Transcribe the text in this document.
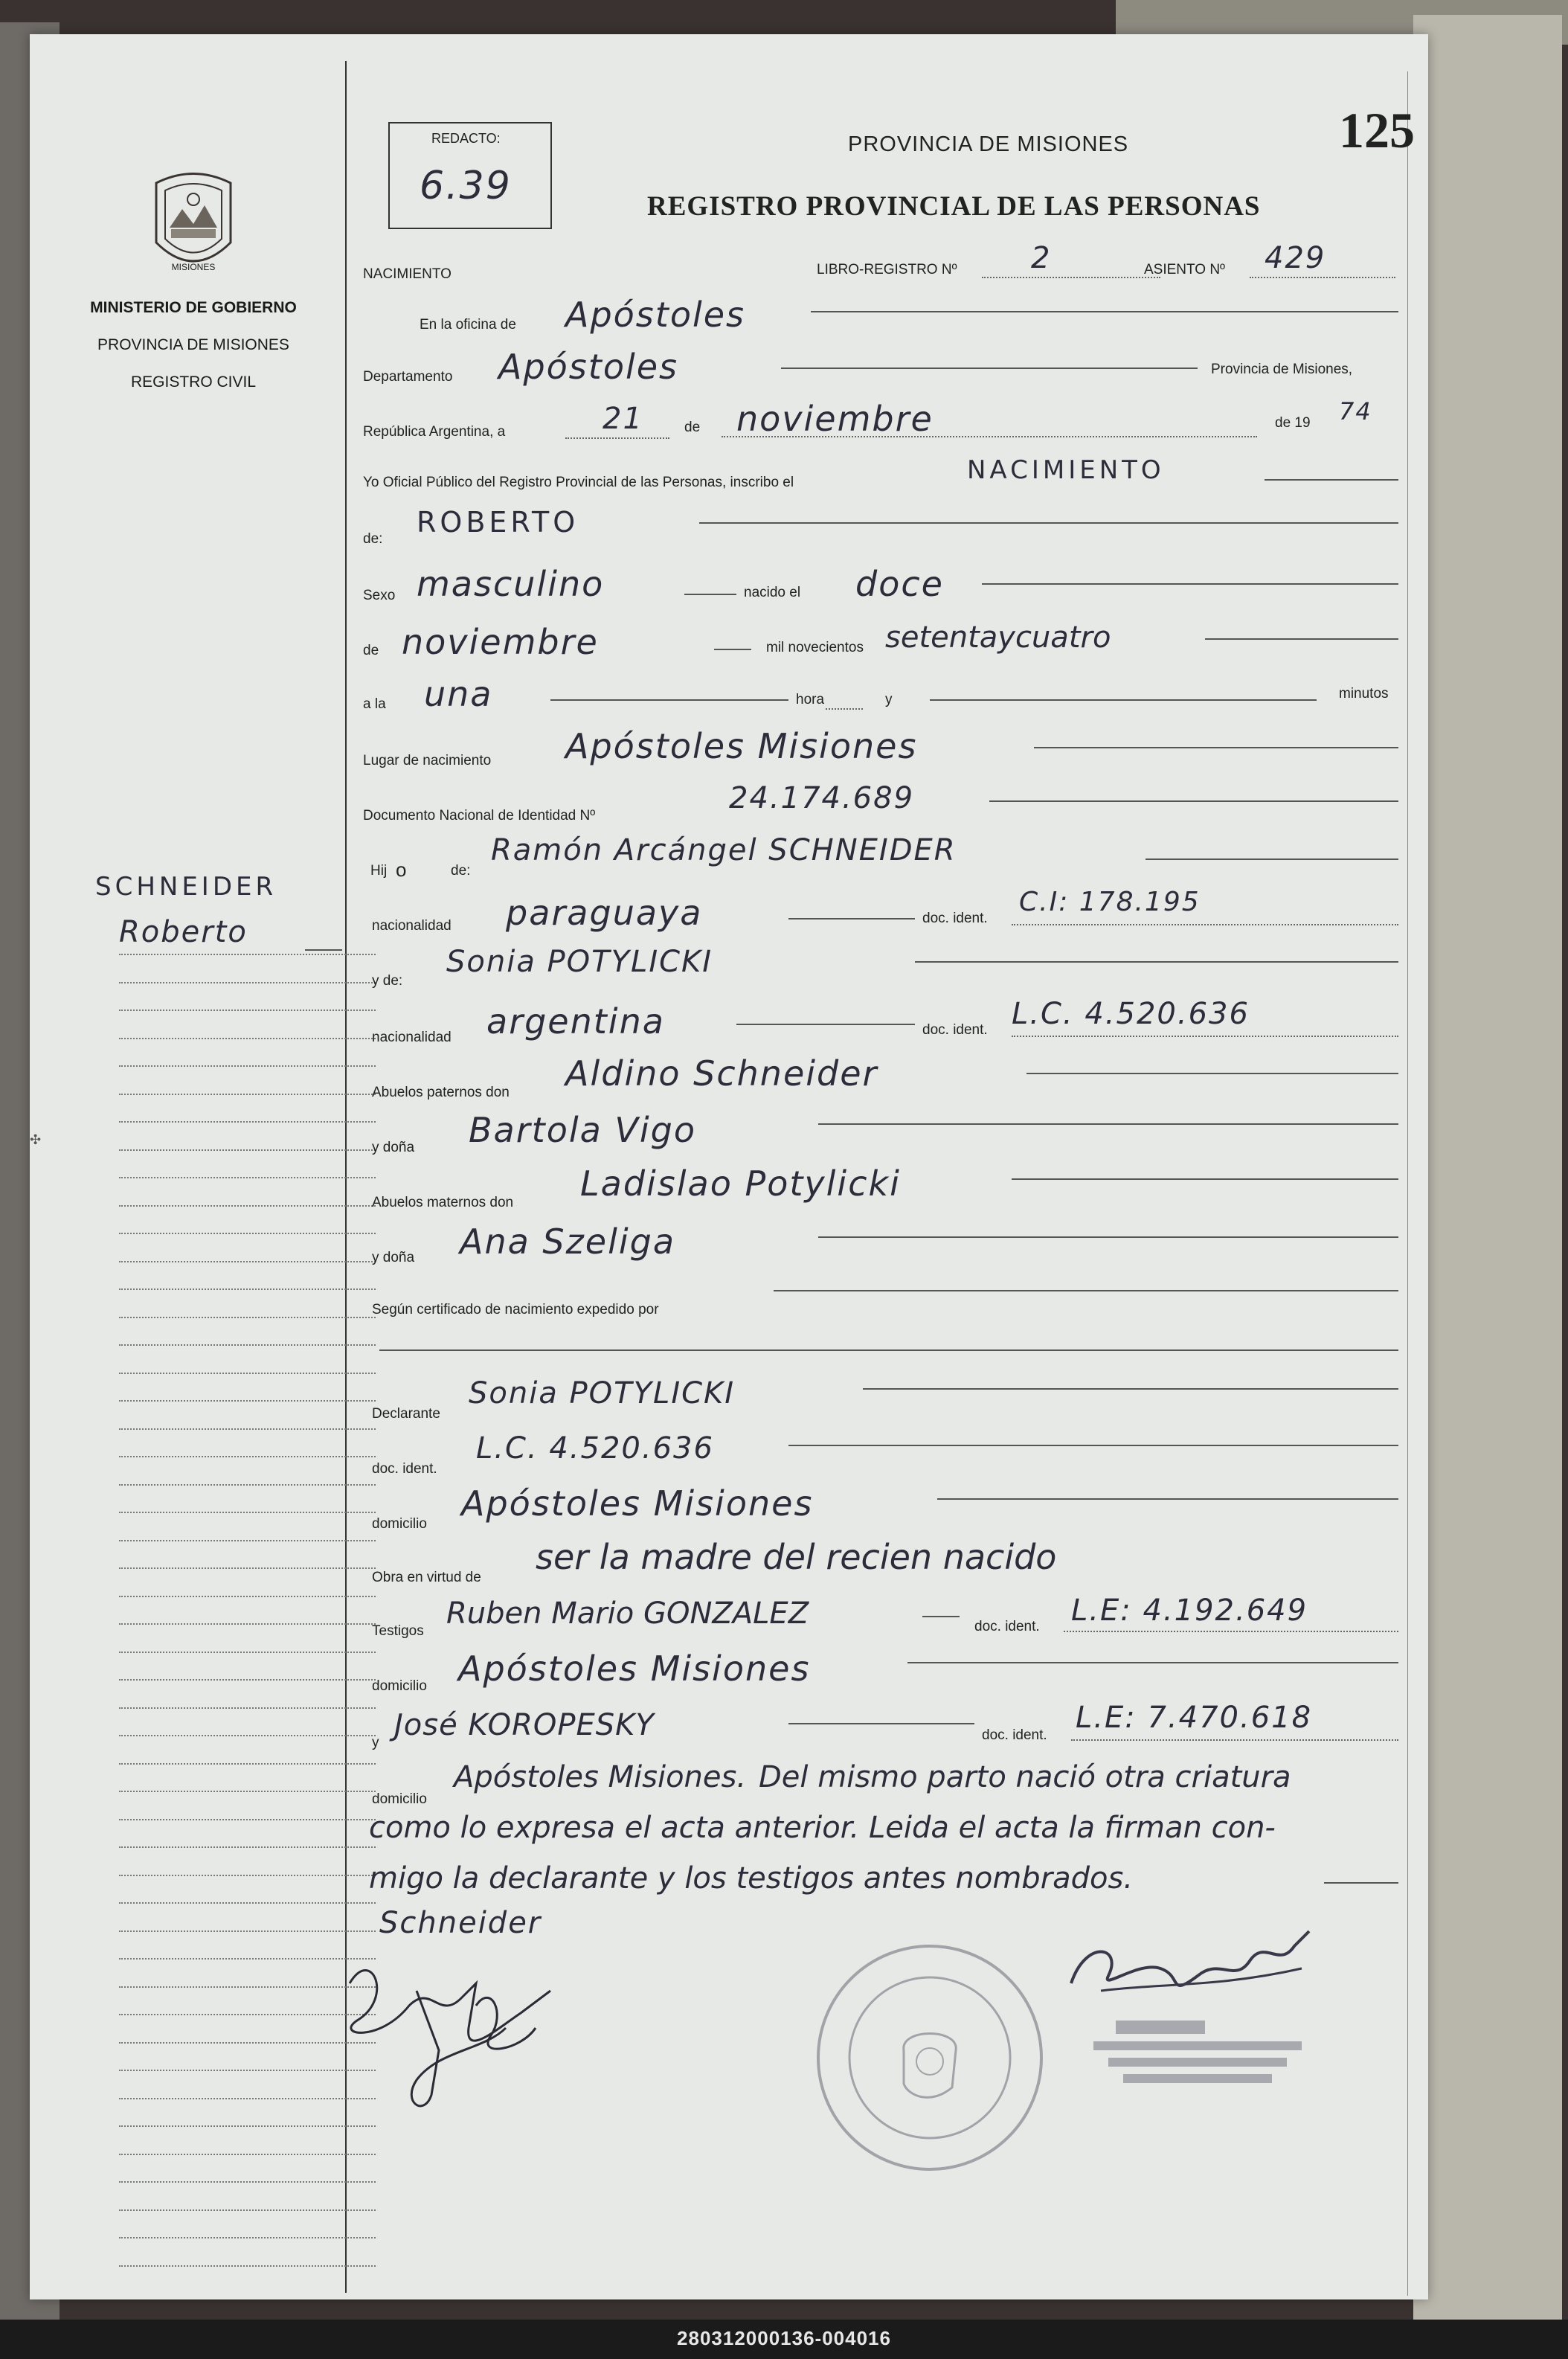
MISIONES
MINISTERIO DE GOBIERNO
PROVINCIA DE MISIONES
REGISTRO CIVIL
SCHNEIDER
Roberto
REDACTO:
6.39
PROVINCIA DE MISIONES
REGISTRO PROVINCIAL DE LAS PERSONAS
125
NACIMIENTO	LIBRO-REGISTRO Nº 2	ASIENTO Nº 429
En la oficina de Apóstoles
Departamento Apóstoles	Provincia de Misiones,
República Argentina, a	21	de noviembre	de 19 74
Yo Oficial Público del Registro Provincial de las Personas, inscribo el	NACIMIENTO
de:
ROBERTO
Sexo masculino	nacido el doce
de noviembre	mil novecientos setentaycuatro
a la una	hora	y	minutos
Lugar de nacimiento Apóstoles Misiones
Documento Nacional de Identidad Nº
24.174.689
Hij o	de:
Ramón Arcángel SCHNEIDER
nacionalidad paraguaya	doc. ident.
C.I: 178.195
y de:
Sonia POTYLICKI
nacionalidad argentina	doc. ident. L.C. 4.520.636
Abuelos paternos don Aldino Schneider
y doña Bartola Vigo
Abuelos maternos don Ladislao Potylicki
y doña Ana Szeliga
Según certificado de nacimiento expedido por
Declarante
Sonia POTYLICKI
doc. ident.
L.C. 4.520.636
domicilio
Apóstoles Misiones
Obra en virtud de
ser la madre del recien nacido
Testigos
Ruben Mario GONZALEZ	doc. ident. L.E: 4.192.649
domicilio Apóstoles Misiones
y
José KOROPESKY	doc. ident.
L.E: 7.470.618
domicilio
Apóstoles Misiones. Del mismo parto nació otra criatura
como lo expresa el acta anterior. Leida el acta la firman con-
migo la declarante y los testigos antes nombrados.
Schneider
✣
280312000136-004016
